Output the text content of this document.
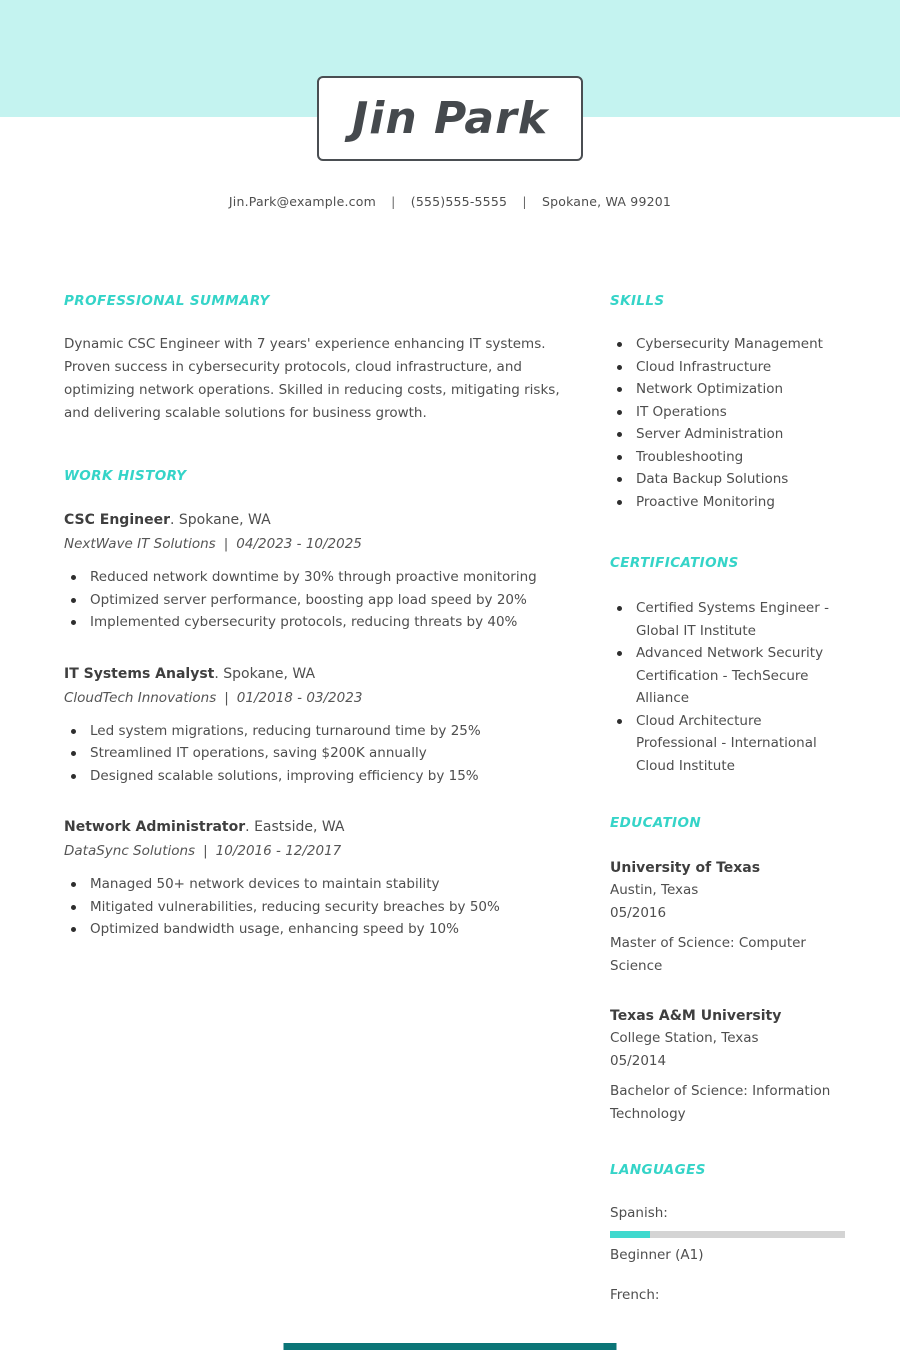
Jin Park
Jin.Park@example.com | (555)555-5555 | Spokane, WA 99201
PROFESSIONAL SUMMARY

Dynamic CSC Engineer with 7 years' experience enhancing IT systems. Proven success in cybersecurity protocols, cloud infrastructure, and optimizing network operations. Skilled in reducing costs, mitigating risks, and delivering scalable solutions for business growth.

WORK HISTORY
CSC Engineer. Spokane, WA
NextWave IT Solutions | 04/2023 - 10/2025
Reduced network downtime by 30% through proactive monitoring
Optimized server performance, boosting app load speed by 20%
Implemented cybersecurity protocols, reducing threats by 40%
IT Systems Analyst. Spokane, WA
CloudTech Innovations | 01/2018 - 03/2023
Led system migrations, reducing turnaround time by 25%
Streamlined IT operations, saving $200K annually
Designed scalable solutions, improving efficiency by 15%
Network Administrator. Eastside, WA
DataSync Solutions | 10/2016 - 12/2017
Managed 50+ network devices to maintain stability
Mitigated vulnerabilities, reducing security breaches by 50%
Optimized bandwidth usage, enhancing speed by 10%
SKILLS
Cybersecurity Management
Cloud Infrastructure
Network Optimization
IT Operations
Server Administration
Troubleshooting
Data Backup Solutions
Proactive Monitoring
CERTIFICATIONS
Certified Systems Engineer - Global IT Institute
Advanced Network Security Certification - TechSecure Alliance
Cloud Architecture Professional - International Cloud Institute
EDUCATION
University of Texas
Austin, Texas
05/2016
Master of Science: Computer Science
Texas A&M University
College Station, Texas
05/2014
Bachelor of Science: Information Technology
LANGUAGES
Spanish:
Beginner (A1)
French:
